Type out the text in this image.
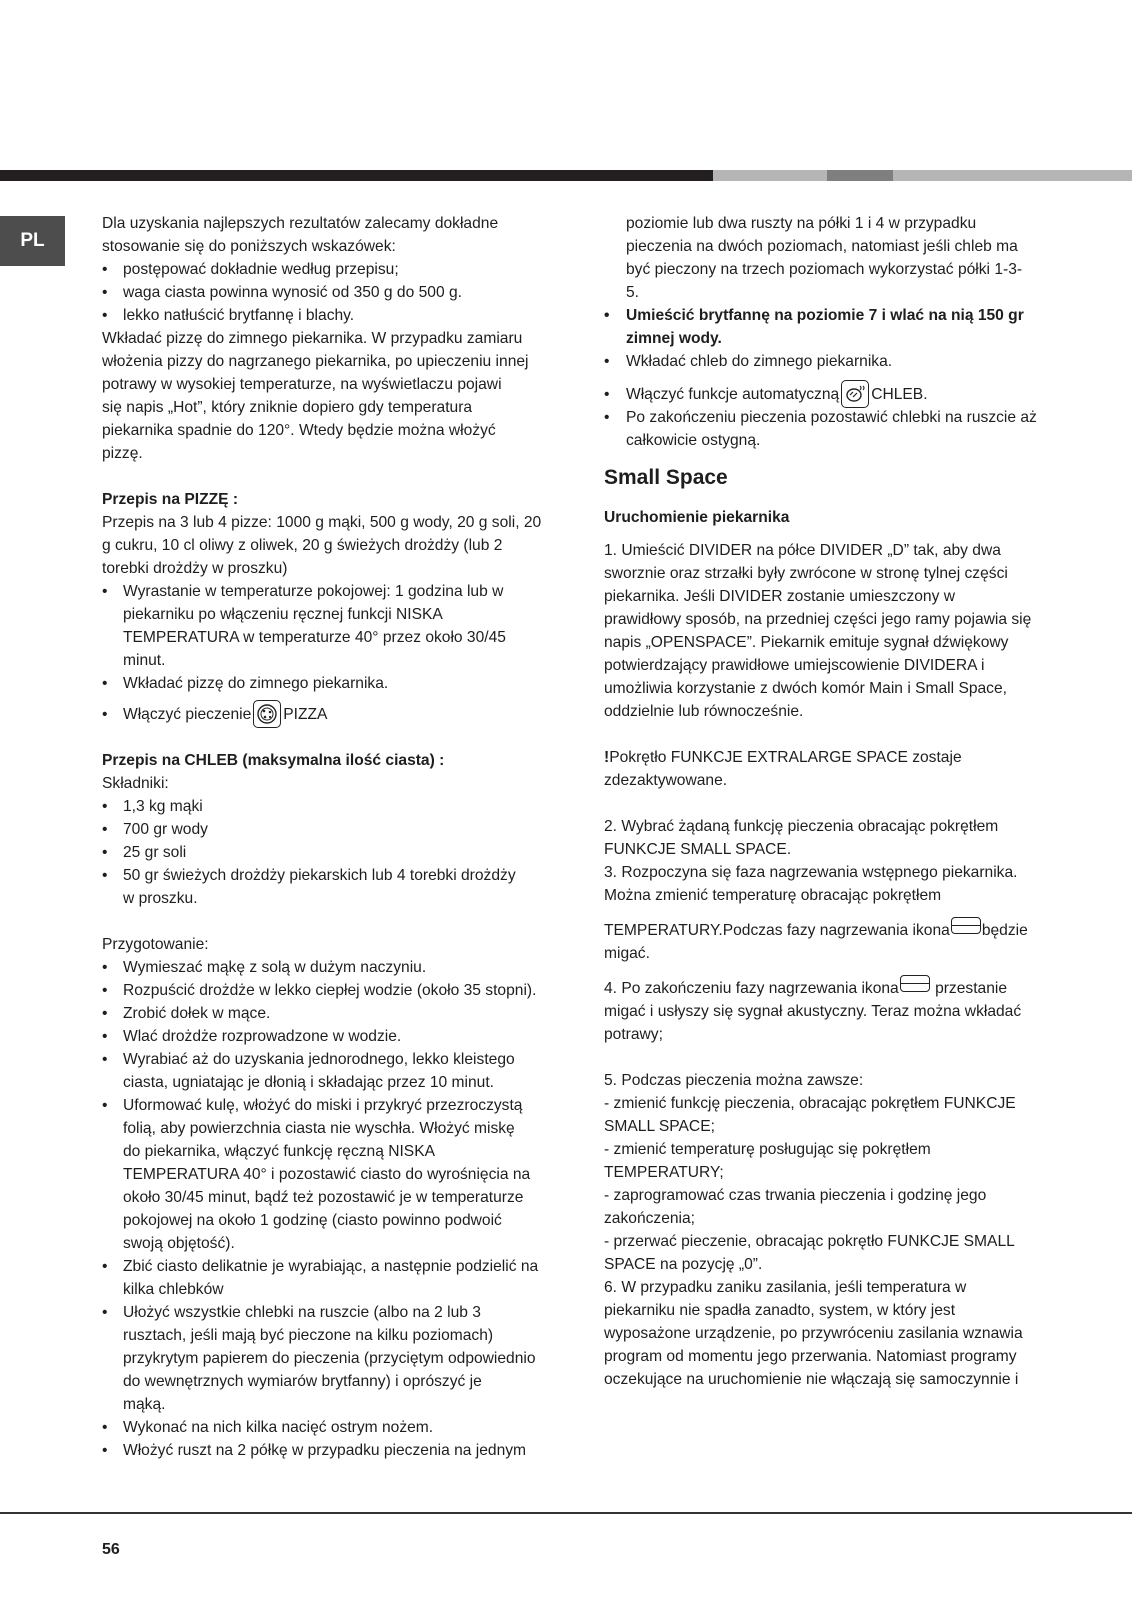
PL

Dla uzyskania najlepszych rezultatów zalecamy dokładne

stosowanie się do poniższych wskazówek:

• postępować dokładnie według przepisu;
• waga ciasta powinna wynosić od 350 g do 500 g.
• lekko natłuścić brytfannę i blachy.

Wkładać pizzę do zimnego piekarnika. W przypadku zamiaru

włożenia pizzy do nagrzanego piekarnika, po upieczeniu innej

potrawy w wysokiej temperaturze, na wyświetlaczu pojawi

się napis „Hot”, który zniknie dopiero gdy temperatura

piekarnika spadnie do 120°. Wtedy będzie można włożyć

pizzę.

Przepis na PIZZĘ :

Przepis na 3 lub 4 pizze: 1000 g mąki, 500 g wody, 20 g soli, 20

g cukru, 10 cl oliwy z oliwek, 20 g świeżych drożdży (lub 2

torebki drożdży w proszku)

• Wyrastanie w temperaturze pokojowej: 1 godzina lub w
piekarniku po włączeniu ręcznej funkcji NISKA
TEMPERATURA w temperaturze 40° przez około 30/45
minut.
• Wkładać pizzę do zimnego piekarnika.
• Włączyć pieczenie PIZZA

Przepis na CHLEB (maksymalna ilość ciasta) :

Składniki:

• 1,3 kg mąki
• 700 gr wody
• 25 gr soli
• 50 gr świeżych drożdży piekarskich lub 4 torebki drożdży
w proszku.

Przygotowanie:

• Wymieszać mąkę z solą w dużym naczyniu.
• Rozpuścić drożdże w lekko ciepłej wodzie (około 35 stopni).
• Zrobić dołek w mące.
• Wlać drożdże rozprowadzone w wodzie.
• Wyrabiać aż do uzyskania jednorodnego, lekko kleistego
ciasta, ugniatając je dłonią i składając przez 10 minut.
• Uformować kulę, włożyć do miski i przykryć przezroczystą
folią, aby powierzchnia ciasta nie wyschła. Włożyć miskę
do piekarnika, włączyć funkcję ręczną NISKA
TEMPERATURA 40° i pozostawić ciasto do wyrośnięcia na
około 30/45 minut, bądź też pozostawić je w temperaturze
pokojowej na około 1 godzinę (ciasto powinno podwoić
swoją objętość).
• Zbić ciasto delikatnie je wyrabiając, a następnie podzielić na
kilka chlebków
• Ułożyć wszystkie chlebki na ruszcie (albo na 2 lub 3
rusztach, jeśli mają być pieczone na kilku poziomach)
przykrytym papierem do pieczenia (przyciętym odpowiednio
do wewnętrznych wymiarów brytfanny) i oprószyć je
mąką.
• Wykonać na nich kilka nacięć ostrym nożem.
• Włożyć ruszt na 2 półkę w przypadku pieczenia na jednym

poziomie lub dwa ruszty na półki 1 i 4 w przypadku

pieczenia na dwóch poziomach, natomiast jeśli chleb ma

być pieczony na trzech poziomach wykorzystać półki 1-3-

5.

• Umieścić brytfannę na poziomie 7 i wlać na nią 150 gr
zimnej wody.
• Wkładać chleb do zimnego piekarnika.
• Włączyć funkcje automatyczną CHLEB.
• Po zakończeniu pieczenia pozostawić chlebki na ruszcie aż
całkowicie ostygną.

Small Space

Uruchomienie piekarnika

1. Umieścić DIVIDER na półce DIVIDER „D” tak, aby dwa

sworznie oraz strzałki były zwrócone w stronę tylnej części

piekarnika. Jeśli DIVIDER zostanie umieszczony w

prawidłowy sposób, na przedniej części jego ramy pojawia się

napis „OPENSPACE”. Piekarnik emituje sygnał dźwiękowy

potwierdzający prawidłowe umiejscowienie DIVIDERA i

umożliwia korzystanie z dwóch komór Main i Small Space,

oddzielnie lub równocześnie.

!Pokrętło FUNKCJE EXTRALARGE SPACE zostaje

zdezaktywowane.

2. Wybrać żądaną funkcję pieczenia obracając pokrętłem

FUNKCJE SMALL SPACE.

3. Rozpoczyna się faza nagrzewania wstępnego piekarnika.

Można zmienić temperaturę obracając pokrętłem

TEMPERATURY.Podczas fazy nagrzewania ikona będzie

migać.

4. Po zakończeniu fazy nagrzewania ikona przestanie

migać i usłyszy się sygnał akustyczny. Teraz można wkładać

potrawy;

5. Podczas pieczenia można zawsze:

- zmienić funkcję pieczenia, obracając pokrętłem FUNKCJE

SMALL SPACE;

- zmienić temperaturę posługując się pokrętłem

TEMPERATURY;

- zaprogramować czas trwania pieczenia i godzinę jego

zakończenia;

- przerwać pieczenie, obracając pokrętło FUNKCJE SMALL

SPACE na pozycję „0”.

6. W przypadku zaniku zasilania, jeśli temperatura w

piekarniku nie spadła zanadto, system, w który jest

wyposażone urządzenie, po przywróceniu zasilania wznawia

program od momentu jego przerwania. Natomiast programy

oczekujące na uruchomienie nie włączają się samoczynnie i

56
